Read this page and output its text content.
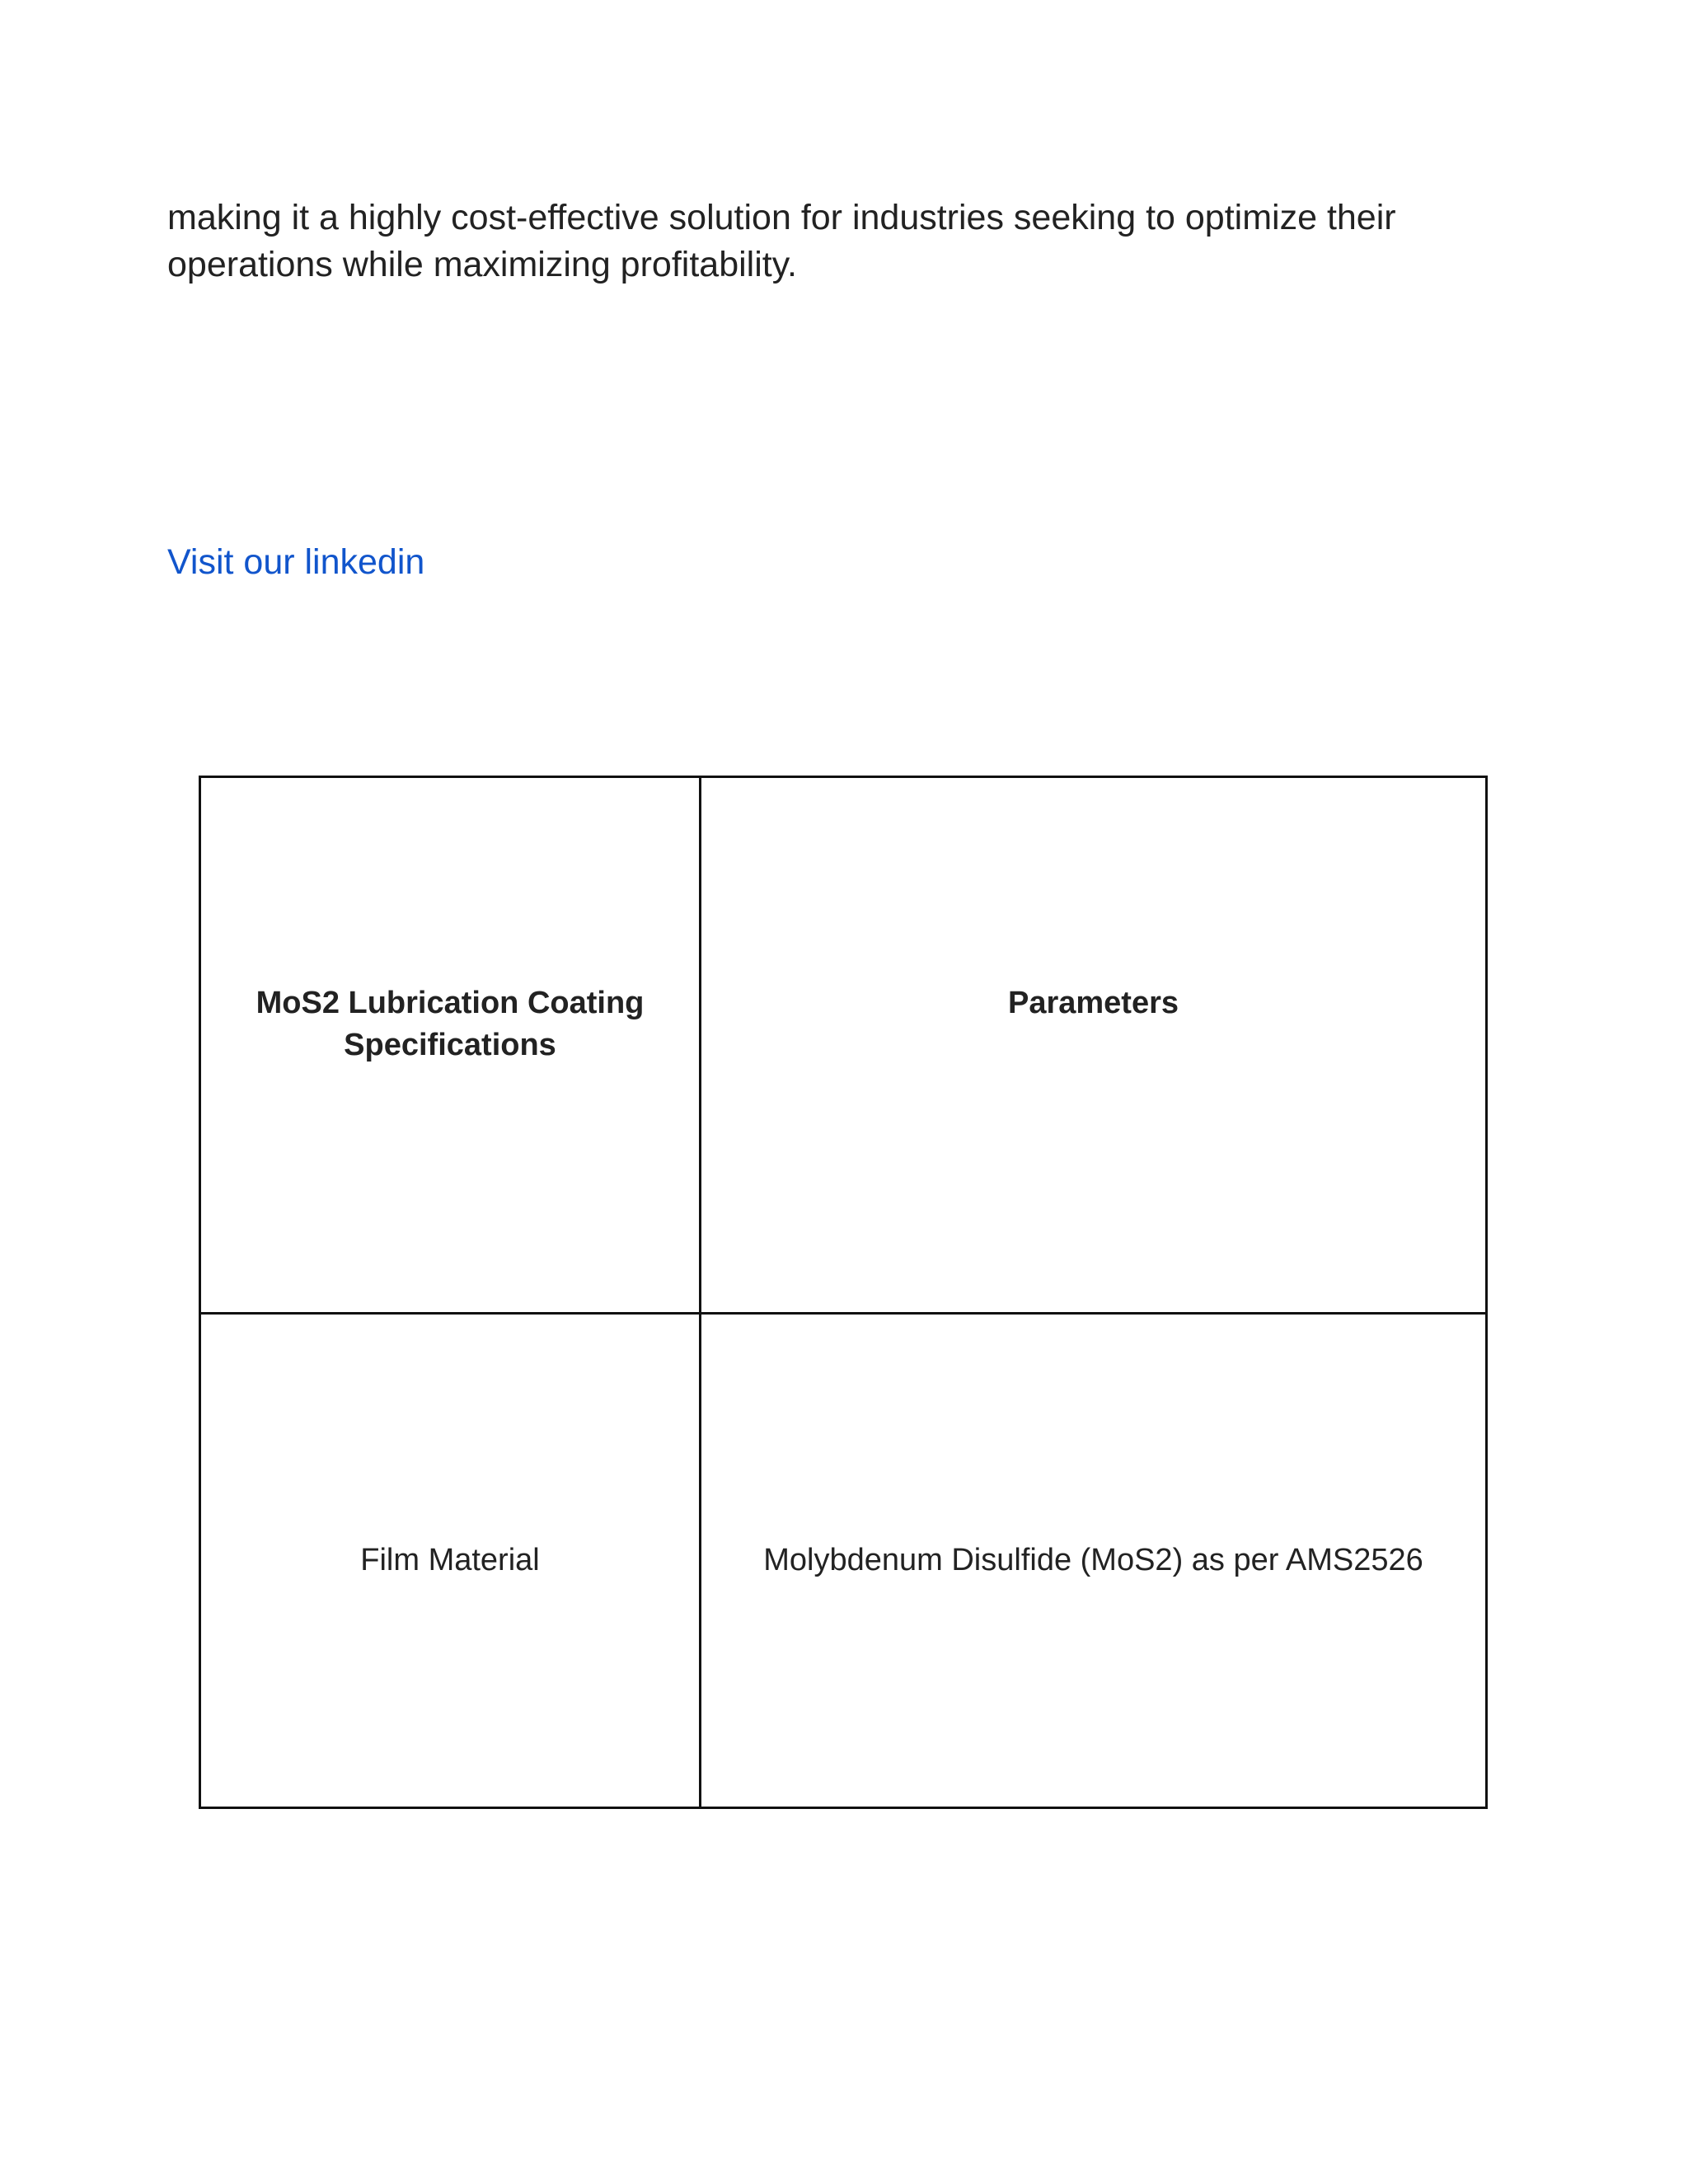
making it a highly cost-effective solution for industries seeking to optimize their operations while maximizing profitability.

Visit our linkedin
MoS2 Lubrication Coating Specifications	Parameters
Film Material	Molybdenum Disulfide (MoS2) as per AMS2526
